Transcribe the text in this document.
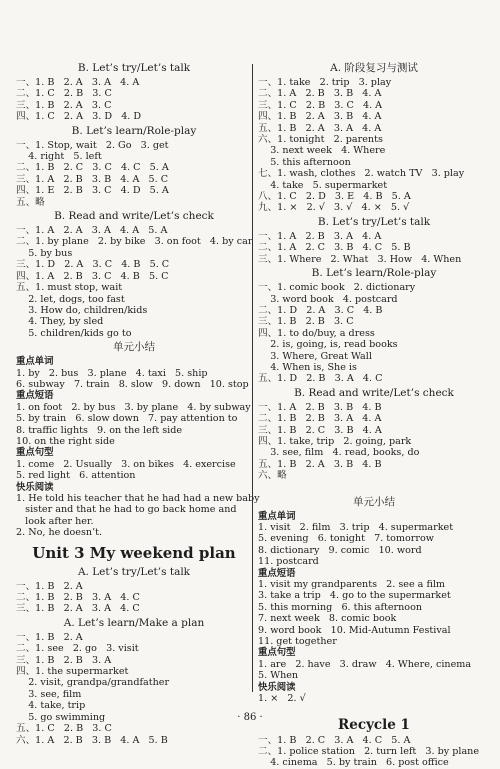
B. Let’s try/Let’s talk
一、1. B   2. A   3. A   4. A
二、1. C   2. B   3. C
三、1. B   2. A   3. C
四、1. C   2. A   3. D   4. D
B. Let’s learn/Role-play
一、1. Stop, wait   2. Go   3. get
4. right   5. left
二、1. B   2. C   3. C   4. C   5. A
三、1. A   2. B   3. B   4. A   5. C
四、1. E   2. B   3. C   4. D   5. A
五、略
B. Read and write/Let’s check
一、1. A   2. A   3. A   4. A   5. A
二、1. by plane   2. by bike   3. on foot   4. by car
5. by bus
三、1. D   2. A   3. C   4. B   5. C
四、1. A   2. B   3. C   4. B   5. C
五、1. must stop, wait
2. let, dogs, too fast
3. How do, children/kids
4. They, by sled
5. children/kids go to
单元小结
重点单词
1. by   2. bus   3. plane   4. taxi   5. ship
6. subway   7. train   8. slow   9. down   10. stop
重点短语
1. on foot   2. by bus   3. by plane   4. by subway
5. by train   6. slow down   7. pay attention to
8. traffic lights   9. on the left side
10. on the right side
重点句型
1. come   2. Usually   3. on bikes   4. exercise
5. red light   6. attention
快乐阅读
1. He told his teacher that he had had a new baby
sister and that he had to go back home and
look after her.
2. No, he doesn’t.
Unit 3 My weekend plan
A. Let’s try/Let’s talk
一、1. B   2. A
二、1. B   2. B   3. A   4. C
三、1. B   2. A   3. A   4. C
A. Let’s learn/Make a plan
一、1. B   2. A
二、1. see   2. go   3. visit
三、1. B   2. B   3. A
四、1. the supermarket
2. visit, grandpa/grandfather
3. see, film
4. take, trip
5. go swimming
五、1. C   2. B   3. C
六、1. A   2. B   3. B   4. A   5. B
A. 阶段复习与测试
一、1. take   2. trip   3. play
二、1. A   2. B   3. B   4. A
三、1. C   2. B   3. C   4. A
四、1. B   2. A   3. B   4. A
五、1. B   2. A   3. A   4. A
六、1. tonight   2. parents
3. next week   4. Where
5. this afternoon
七、1. wash, clothes   2. watch TV   3. play
4. take   5. supermarket
八、1. C   2. D   3. E   4. B   5. A
九、1. ×   2. √   3. √   4. ×   5. √
B. Let’s try/Let’s talk
一、1. A   2. B   3. A   4. A
二、1. A   2. C   3. B   4. C   5. B
三、1. Where   2. What   3. How   4. When
B. Let’s learn/Role-play
一、1. comic book   2. dictionary
3. word book   4. postcard
二、1. D   2. A   3. C   4. B
三、1. B   2. B   3. C
四、1. to do/buy, a dress
2. is, going, is, read books
3. Where, Great Wall
4. When is, She is
五、1. D   2. B   3. A   4. C
B. Read and write/Let’s check
一、1. A   2. B   3. B   4. B
二、1. B   2. B   3. A   4. A
三、1. B   2. C   3. B   4. A
四、1. take, trip   2. going, park
3. see, film   4. read, books, do
五、1. B   2. A   3. B   4. B
六、略
单元小结
重点单词
1. visit   2. film   3. trip   4. supermarket
5. evening   6. tonight   7. tomorrow
8. dictionary   9. comic   10. word
11. postcard
重点短语
1. visit my grandparents   2. see a film
3. take a trip   4. go to the supermarket
5. this morning   6. this afternoon
7. next week   8. comic book
9. word book   10. Mid-Autumn Festival
11. get together
重点句型
1. are   2. have   3. draw   4. Where, cinema
5. When
快乐阅读
1. ×   2. √
Recycle 1
一、1. B   2. C   3. A   4. C   5. A
二、1. police station   2. turn left   3. by plane
4. cinema   5. by train   6. post office
· 86 ·
